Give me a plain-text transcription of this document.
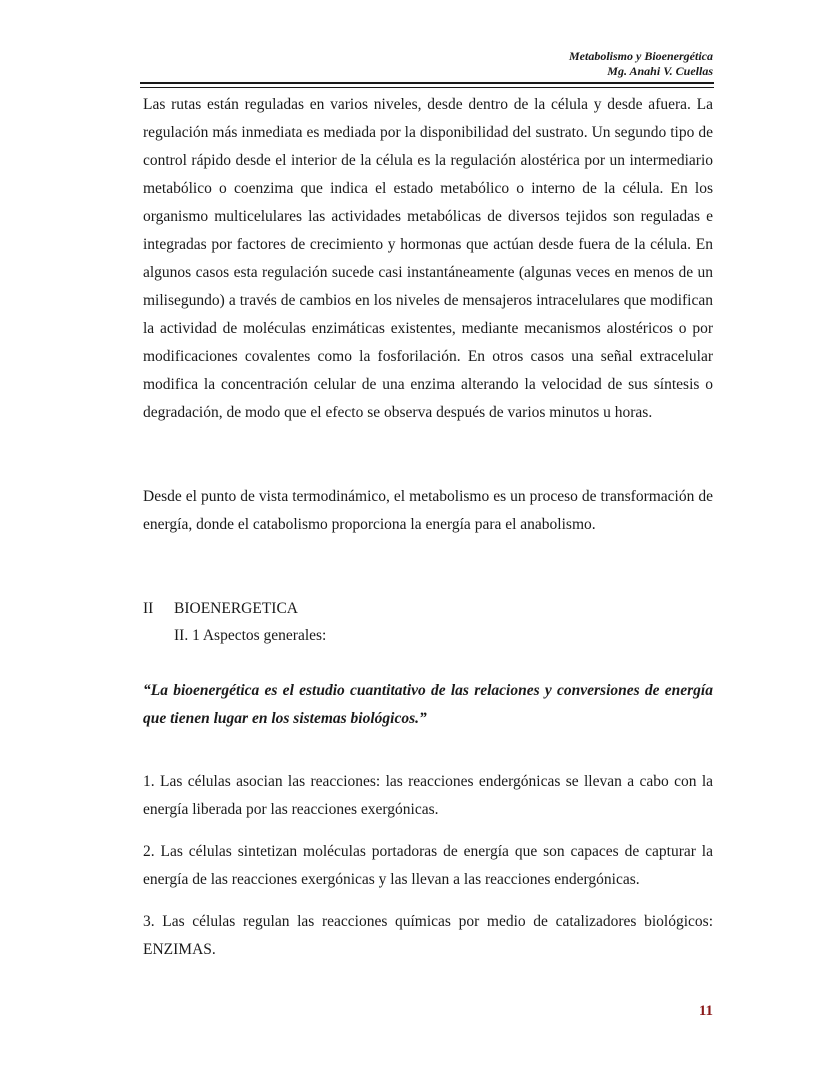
Metabolismo y Bioenergética
Mg. Anahi V. Cuellas

Las rutas están reguladas en varios niveles, desde dentro de la célula y desde afuera. La regulación más inmediata es mediada por la disponibilidad del sustrato. Un segundo tipo de control rápido desde el interior de la célula es la regulación alostérica por un intermediario metabólico o coenzima que indica el estado metabólico o interno de la célula. En los organismo multicelulares las actividades metabólicas de diversos tejidos son reguladas e integradas por factores de crecimiento y hormonas que actúan desde fuera de la célula. En algunos casos esta regulación sucede casi instantáneamente (algunas veces en menos de un milisegundo) a través de cambios en los niveles de mensajeros intracelulares que modifican la actividad de moléculas enzimáticas existentes, mediante mecanismos alostéricos o por modificaciones covalentes como la fosforilación. En otros casos una señal extracelular modifica la concentración celular de una enzima alterando la velocidad de sus síntesis o degradación, de modo que el efecto se observa después de varios minutos u horas.

Desde el punto de vista termodinámico, el metabolismo es un proceso de transformación de energía, donde el catabolismo proporciona la energía para el anabolismo.

II BIOENERGETICA

II. 1 Aspectos generales:

“La bioenergética es el estudio cuantitativo de las relaciones y conversiones de energía que tienen lugar en los sistemas biológicos.”

1. Las células asocian las reacciones: las reacciones endergónicas se llevan a cabo con la energía liberada por las reacciones exergónicas.

2. Las células sintetizan moléculas portadoras de energía que son capaces de capturar la energía de las reacciones exergónicas y las llevan a las reacciones endergónicas.

3. Las células regulan las reacciones químicas por medio de catalizadores biológicos: ENZIMAS.

11
